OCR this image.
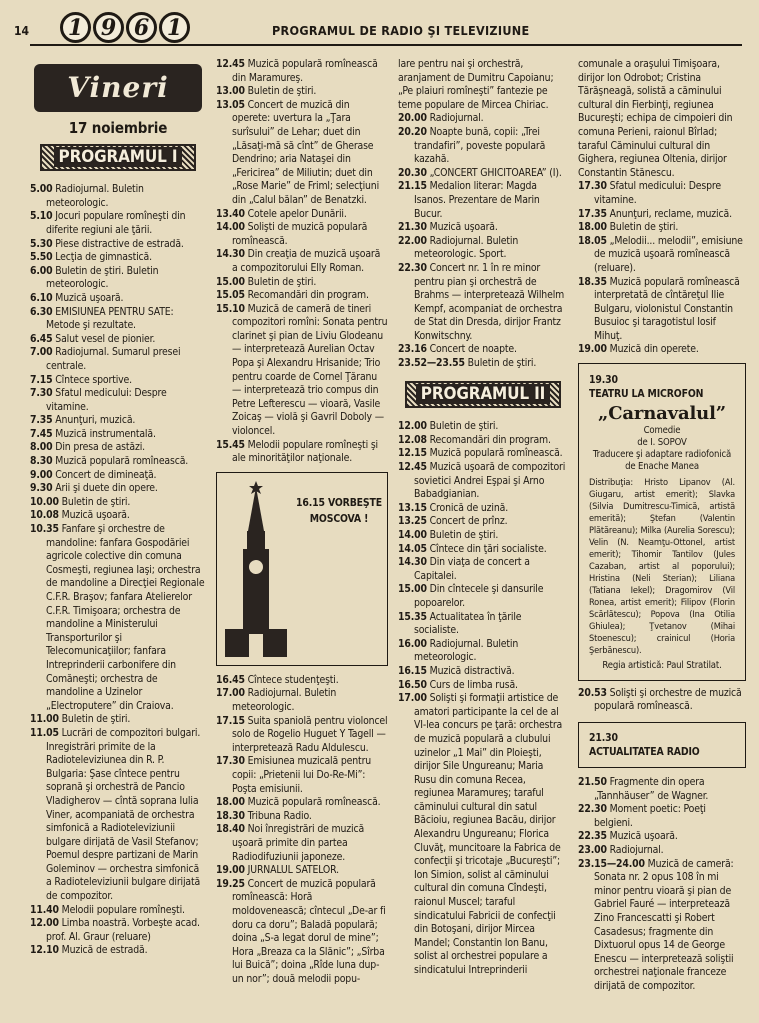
14	1 9 6 1	PROGRAMUL DE RADIO ŞI TELEVIZIUNE
Vineri
17 noiembrie
PROGRAMUL I

5.00 Radiojurnal. Buletin meteorologic.

5.10 Jocuri populare romîneşti din diferite regiuni ale ţării.

5.30 Piese distractive de estradă.

5.50 Lecţia de gimnastică.

6.00 Buletin de ştiri. Buletin meteorologic.

6.10 Muzică uşoară.

6.30 EMISIUNEA PENTRU SATE: Metode şi rezultate.

6.45 Salut vesel de pionier.

7.00 Radiojurnal. Sumarul presei centrale.

7.15 Cîntece sportive.

7.30 Sfatul medicului: Despre vitamine.

7.35 Anunţuri, muzică.

7.45 Muzică instrumentală.

8.00 Din presa de astăzi.

8.30 Muzică populară romînească.

9.00 Concert de dimineaţă.

9.30 Arii şi duete din opere.

10.00 Buletin de ştiri.

10.08 Muzică uşoară.

10.35 Fanfare şi orchestre de mandoline: fanfara Gospodăriei agricole colective din comuna Cosmeşti, regiunea Iaşi; orchestra de mandoline a Direcţiei Regionale C.F.R. Braşov; fanfara Atelierelor C.F.R. Timişoara; orchestra de mandoline a Ministerului Transporturilor şi Telecomunicaţiilor; fanfara Intreprinderii carbonifere din Comăneşti; orchestra de mandoline a Uzinelor „Electroputere” din Craiova.

11.00 Buletin de ştiri.

11.05 Lucrări de compozitori bulgari. Inregistrări primite de la Radioteleviziunea din R. P. Bulgaria: Şase cîntece pentru soprană şi orchestră de Pancio Vladigherov — cîntă soprana Iulia Viner, acompaniată de orchestra simfonică a Radioteleviziunii bulgare dirijată de Vasil Stefanov; Poemul despre partizani de Marin Goleminov — orchestra simfonică a Radioteleviziunii bulgare dirijată de compozitor.

11.40 Melodii populare romîneşti.

12.00 Limba noastră. Vorbeşte acad. prof. Al. Graur (reluare)

12.10 Muzică de estradă.

12.45 Muzică populară romînească din Maramureş.

13.00 Buletin de ştiri.

13.05 Concert de muzică din operete: uvertura la „Ţara surîsului” de Lehar; duet din „Lăsaţi-mă să cînt” de Gherase Dendrino; aria Nataşei din „Fericirea” de Miliutin; duet din „Rose Marie” de Friml; selecţiuni din „Calul bălan” de Benatzki.

13.40 Cotele apelor Dunării.

14.00 Solişti de muzică populară romînească.

14.30 Din creaţia de muzică uşoară a compozitorului Elly Roman.

15.00 Buletin de ştiri.

15.05 Recomandări din program.

15.10 Muzică de cameră de tineri compozitori romîni: Sonata pentru clarinet şi pian de Liviu Glodeanu — interpretează Aurelian Octav Popa şi Alexandru Hrisanide; Trio pentru coarde de Cornel Ţăranu — interpretează trio compus din Petre Lefterescu — vioară, Vasile Zoicaş — violă şi Gavril Doboly — violoncel.

15.45 Melodii populare romîneşti şi ale minorităţilor naţionale.

16.15 VORBEŞTE MOSCOVA !

16.45 Cîntece studenţeşti.

17.00 Radiojurnal. Buletin meteorologic.

17.15 Suita spaniolă pentru violoncel solo de Rogelio Huguet Y Tagell — interpretează Radu Aldulescu.

17.30 Emisiunea muzicală pentru copii: „Prietenii lui Do-Re-Mi”: Poşta emisiunii.

18.00 Muzică populară romînească.

18.30 Tribuna Radio.

18.40 Noi înregistrări de muzică uşoară primite din partea Radiodifuziunii japoneze.

19.00 JURNALUL SATELOR.

19.25 Concert de muzică populară romînească: Horă moldovenească; cîntecul „De-ar fi doru ca doru”; Baladă populară; doina „S-a legat dorul de mine”; Hora „Breaza ca la Slănic”; „Sîrba lui Buică”; doina „Rîde luna dup-un nor”; două melodii popu-

lare pentru nai şi orchestră, aranjament de Dumitru Capoianu; „Pe plaiuri romîneşti” fantezie pe teme populare de Mircea Chiriac.

20.00 Radiojurnal.

20.20 Noapte bună, copii: „Trei trandafiri”, poveste populară kazahă.

20.30 „CONCERT GHICITOAREA” (I).

21.15 Medalion literar: Magda Isanos. Prezentare de Marin Bucur.

21.30 Muzică uşoară.

22.00 Radiojurnal. Buletin meteorologic. Sport.

22.30 Concert nr. 1 în re minor pentru pian şi orchestră de Brahms — interpretează Wilhelm Kempf, acompaniat de orchestra de Stat din Dresda, dirijor Frantz Konwitschny.

23.16 Concert de noapte.

23.52—23.55 Buletin de ştiri.

PROGRAMUL II

12.00 Buletin de ştiri.

12.08 Recomandări din program.

12.15 Muzică populară romînească.

12.45 Muzică uşoară de compozitori sovietici Andrei Eşpai şi Arno Babadgianian.

13.15 Cronică de uzină.

13.25 Concert de prînz.

14.00 Buletin de ştiri.

14.05 Cîntece din ţări socialiste.

14.30 Din viaţa de concert a Capitalei.

15.00 Din cîntecele şi dansurile popoarelor.

15.35 Actualitatea în ţările socialiste.

16.00 Radiojurnal. Buletin meteorologic.

16.15 Muzică distractivă.

16.50 Curs de limba rusă.

17.00 Solişti şi formaţii artistice de amatori participante la cel de al VI-lea concurs pe ţară: orchestra de muzică populară a clubului uzinelor „1 Mai” din Ploieşti, dirijor Sile Ungureanu; Maria Rusu din comuna Recea, regiunea Maramureş; taraful căminului cultural din satul Băcioiu, regiunea Bacău, dirijor Alexandru Ungureanu; Florica Cluvăţ, muncitoare la Fabrica de confecţii şi tricotaje „Bucureşti”; Ion Simion, solist al căminului cultural din comuna Cîndeşti, raionul Muscel; taraful sindicatului Fabricii de confecţii din Botoşani, dirijor Mircea Mandel; Constantin Ion Banu, solist al orchestrei populare a sindicatului Intreprinderii

comunale a oraşului Timişoara, dirijor Ion Odrobot; Cristina Tărăşneagă, solistă a căminului cultural din Fierbinţi, regiunea Bucureşti; echipa de cimpoieri din comuna Perieni, raionul Bîrlad; taraful Căminului cultural din Gighera, regiunea Oltenia, dirijor Constantin Stănescu.

17.30 Sfatul medicului: Despre vitamine.

17.35 Anunţuri, reclame, muzică.

18.00 Buletin de ştiri.

18.05 „Melodii... melodii”, emisiune de muzică uşoară romînească (reluare).

18.35 Muzică populară romînească interpretată de cîntăreţul Ilie Bulgaru, violonistul Constantin Busuioc şi taragotistul Iosif Mihuţ.

19.00 Muzică din operete.

19.30
TEATRU LA MICROFON
„Carnavalul”
Comedie
de I. SOPOV
Traducere şi adaptare radiofonică de Enache Manea
Distribuţia: Hristo Lipanov (Al. Giugaru, artist emerit); Slavka (Silvia Dumitrescu-Timică, artistă emerită); Ştefan (Valentin Plătăreanu); Milka (Aurelia Sorescu); Velin (N. Neamţu-Ottonel, artist emerit); Tihomir Tantilov (Jules Cazaban, artist al poporului); Hristina (Neli Sterian); Liliana (Tatiana Iekel); Dragomirov (Vil Ronea, artist emerit); Filipov (Florin Scărlătescu); Popova (Ina Otilia Ghiulea); Ţvetanov (Mihai Stoenescu); crainicul (Horia Şerbănescu).
Regia artistică: Paul Stratilat.

20.53 Solişti şi orchestre de muzică populară romînească.

21.30
ACTUALITATEA RADIO

21.50 Fragmente din opera „Tannhäuser” de Wagner.

22.30 Moment poetic: Poeţi belgieni.

22.35 Muzică uşoară.

23.00 Radiojurnal.

23.15—24.00 Muzică de cameră: Sonata nr. 2 opus 108 în mi minor pentru vioară şi pian de Gabriel Fauré — interpretează Zino Francescatti şi Robert Casadesus; fragmente din Dixtuorul opus 14 de George Enescu — interpretează soliştii orchestrei naţionale franceze dirijată de compozitor.
